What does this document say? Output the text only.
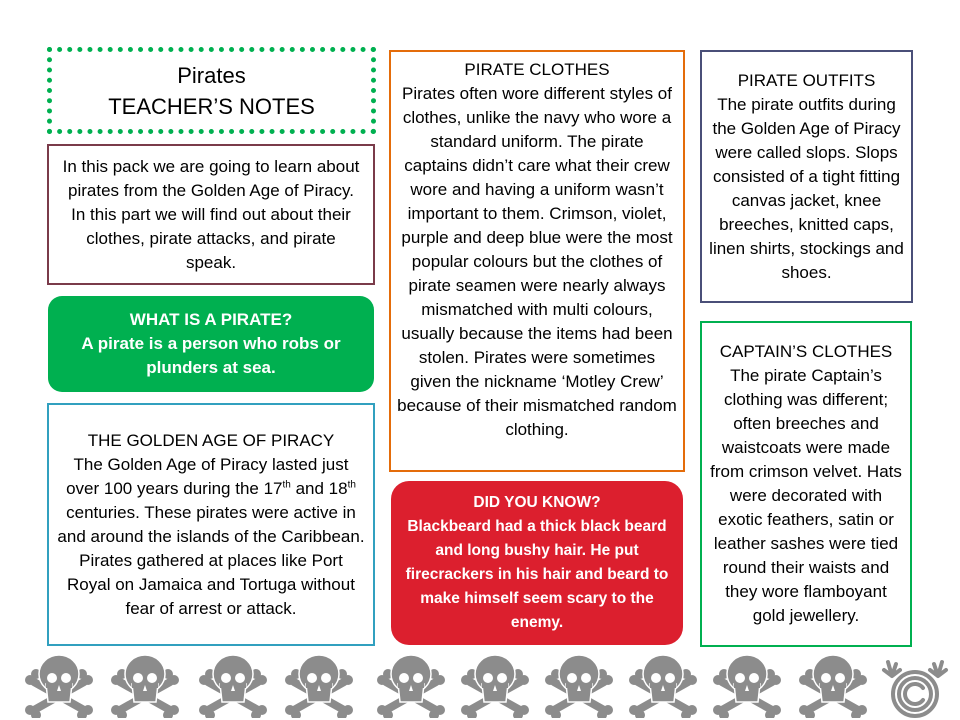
Pirates
TEACHER’S NOTES
In this pack we are going to learn about pirates from the Golden Age of Piracy. In this part we will find out about their clothes, pirate attacks, and pirate speak.
WHAT IS A PIRATE?
A pirate is a person who robs or plunders at sea.
THE GOLDEN AGE OF PIRACY
The Golden Age of Piracy lasted just over 100 years during the 17th and 18th centuries. These pirates were active in and around the islands of the Caribbean. Pirates gathered at places like Port Royal on Jamaica and Tortuga without fear of arrest or attack.
PIRATE CLOTHES
Pirates often wore different styles of clothes, unlike the navy who wore a standard uniform. The pirate captains didn’t care what their crew wore and having a uniform wasn’t important to them. Crimson, violet, purple and deep blue were the most popular colours but the clothes of pirate seamen were nearly always mismatched with multi colours, usually because the items had been stolen. Pirates were sometimes given the nickname ‘Motley Crew’ because of their mismatched random clothing.
DID YOU KNOW?
Blackbeard had a thick black beard and long bushy hair. He put firecrackers in his hair and beard to make himself seem scary to the enemy.
PIRATE OUTFITS
The pirate outfits during the Golden Age of Piracy were called slops. Slops consisted of a tight fitting canvas jacket, knee breeches, knitted caps, linen shirts, stockings and shoes.
CAPTAIN’S CLOTHES
The pirate Captain’s clothing was different; often breeches and waistcoats were made from crimson velvet. Hats were decorated with exotic feathers, satin or leather sashes were tied round their waists and they wore flamboyant gold jewellery.
